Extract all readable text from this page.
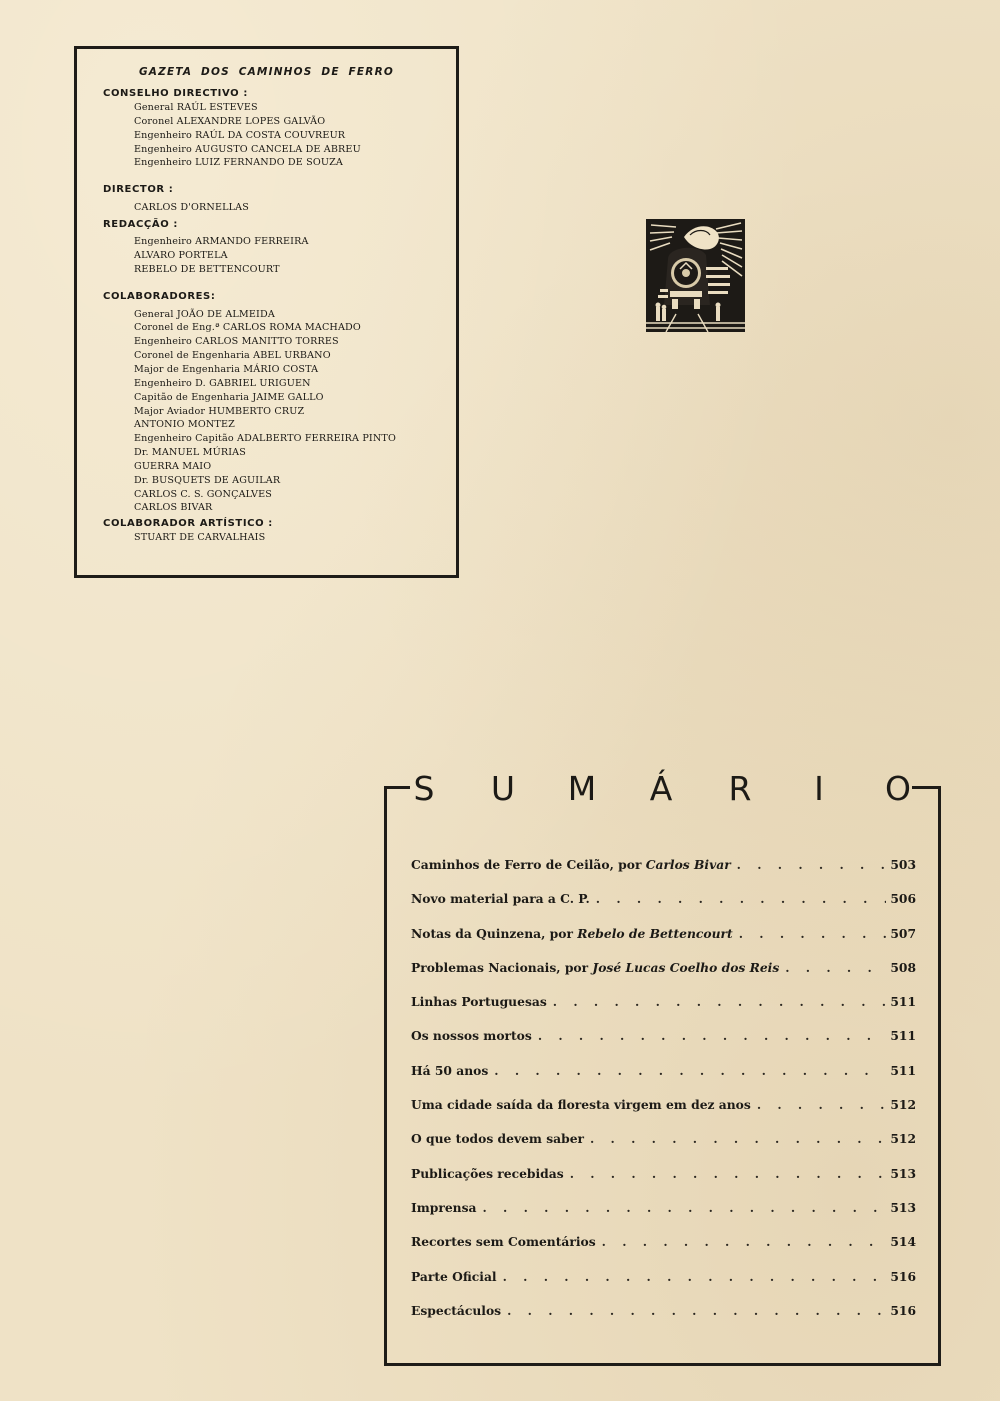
GAZETA DOS CAMINHOS DE FERRO
CONSELHO DIRECTIVO :
General RAÚL ESTEVES
Coronel ALEXANDRE LOPES GALVÃO
Engenheiro RAÚL DA COSTA COUVREUR
Engenheiro AUGUSTO CANCELA DE ABREU
Engenheiro LUIZ FERNANDO DE SOUZA
DIRECTOR :
CARLOS D'ORNELLAS
REDACÇÃO :
Engenheiro ARMANDO FERREIRA
ALVARO PORTELA
REBELO DE BETTENCOURT
COLABORADORES:
General JOÃO DE ALMEIDA
Coronel de Eng.ª CARLOS ROMA MACHADO
Engenheiro CARLOS MANITTO TORRES
Coronel de Engenharia ABEL URBANO
Major de Engenharia MÁRIO COSTA
Engenheiro D. GABRIEL URIGUEN
Capitão de Engenharia JAIME GALLO
Major Aviador HUMBERTO CRUZ
ANTONIO MONTEZ
Engenheiro Capitão ADALBERTO FERREIRA PINTO
Dr. MANUEL MÚRIAS
GUERRA MAIO
Dr. BUSQUETS DE AGUILAR
CARLOS C. S. GONÇALVES
CARLOS BIVAR
COLABORADOR ARTÍSTICO :
STUART DE CARVALHAIS
S U M Á R	I	O
Caminhos de Ferro de Ceilão, por Carlos Bivar . . .	503
Novo material para a C. P. . . .	506
Notas da Quinzena, por Rebelo de Bettencourt . . .	507
Problemas Nacionais, por José Lucas Coelho dos Reis . . .	508
Linhas Portuguesas . . .	511
Os nossos mortos . . .	511
Há 50 anos . . .	511
Uma cidade saída da floresta virgem em dez anos . . .	512
O que todos devem saber . . .	512
Publicações recebidas . . .	513
Imprensa . . .	513
Recortes sem Comentários . . .	514
Parte Oficial . . .	516
Espectáculos . . .	516
